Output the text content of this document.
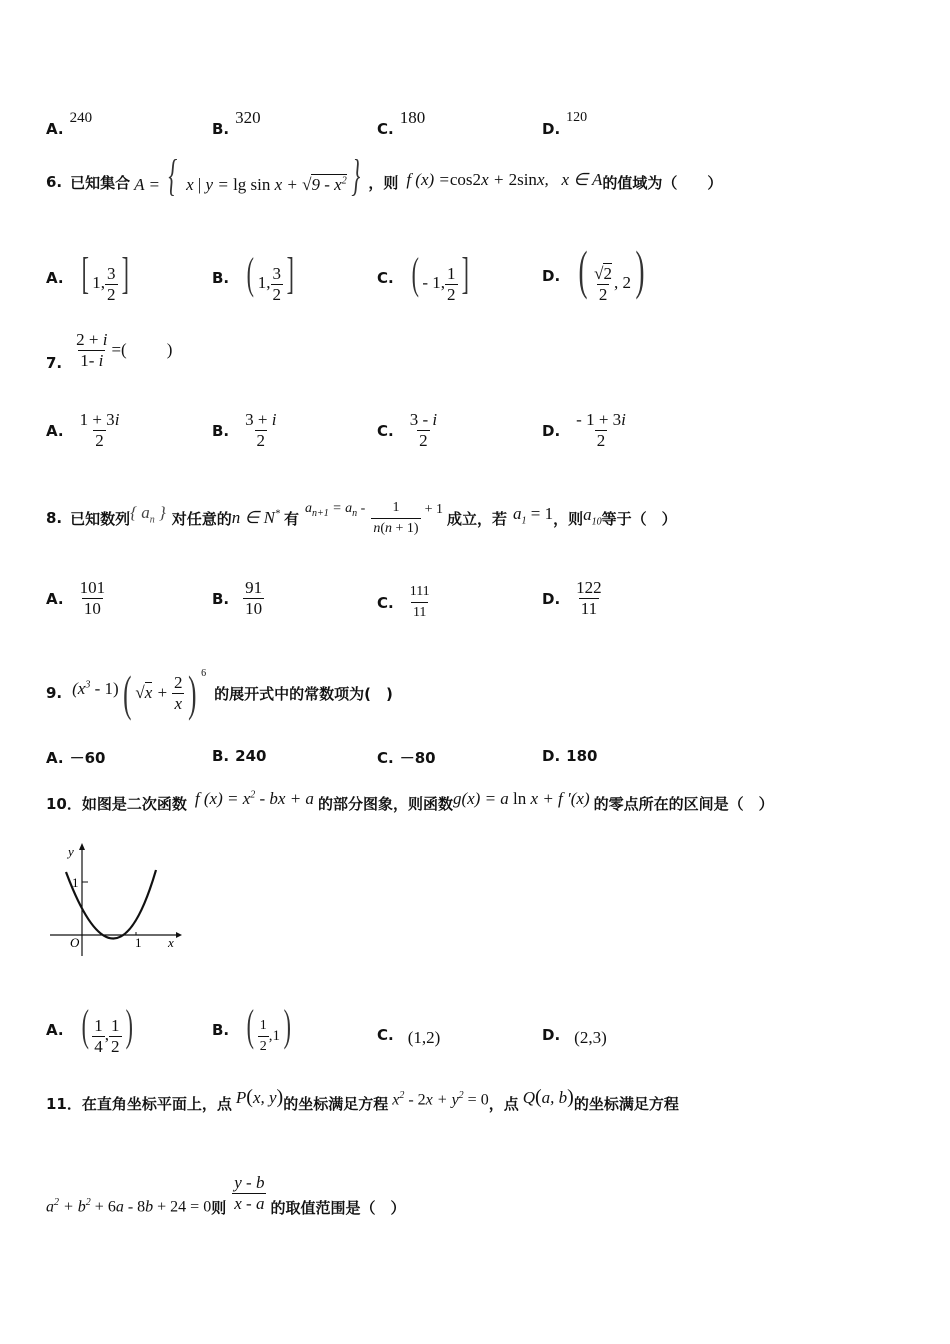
A.
240
B.
320
C.
180
D.
120
6. 已知集合 A = { x | $y = \lg \sin x + √9 - x^2$ } ，则 f (x) =cos2x + 2sinx,   x ∈ A 的值域为（　　）
A. [ 1, $\frac{3}{2}$ ]	B. ( 1, $\frac{3}{2}$ ]	C. ( - 1, $\frac{1}{2}$ ]	D. ( $\frac{√2}{2}$ , 2)
7. $\frac{2 + i}{1- i}$ =( )
A. $\frac{1 + 3i}{2}$	B. $\frac{3 + i}{2}$	C. $\frac{3 - i}{2}$	D. $\frac{- 1 + 3i}{2}$
8. 已知数列 { $a_n$ } 对任意的 n ∈ N* 有
$a_{n+1} = a_n - \frac{1}{n(n + 1)} + 1$ 成立，若 $a_1 = 1$ ，则 $a_{10}$ 等于（　）
A. $\frac{101}{10}$	B. $\frac{91}{10}$	C. $\frac{111}{11}$	D. $\frac{122}{11}$
9. $(x^3 - 1)$ ( $√x + \frac{2}{x}$ ) 6
的展开式中的常数项为(　)
A. －60	B. 240	C. －80	D. 180
10． 如图是二次函数 f $(x) = x^2$ - bx + a 的部分图象，则函数 g(x) = a ln x + f ′(x) 的零点所在的区间是（　）
y
1
O	1 x
A. ( $\frac{1}{4}$ , $\frac{1}{2}$ )	B. ( $\frac{1}{2} ,1$)	C. (1,2)	D. (2,3)
11． 在直角坐标平面上，点 P(x, y) 的坐标满足方程 $x^2 - 2x + y^2 = 0$ ，点 Q(a, b) 的坐标满足方程
$a^2 + b^2 + 6a - 8b + 24 = 0$ 则 $\frac{y - b}{x - a}$ 的取值范围是（　）
